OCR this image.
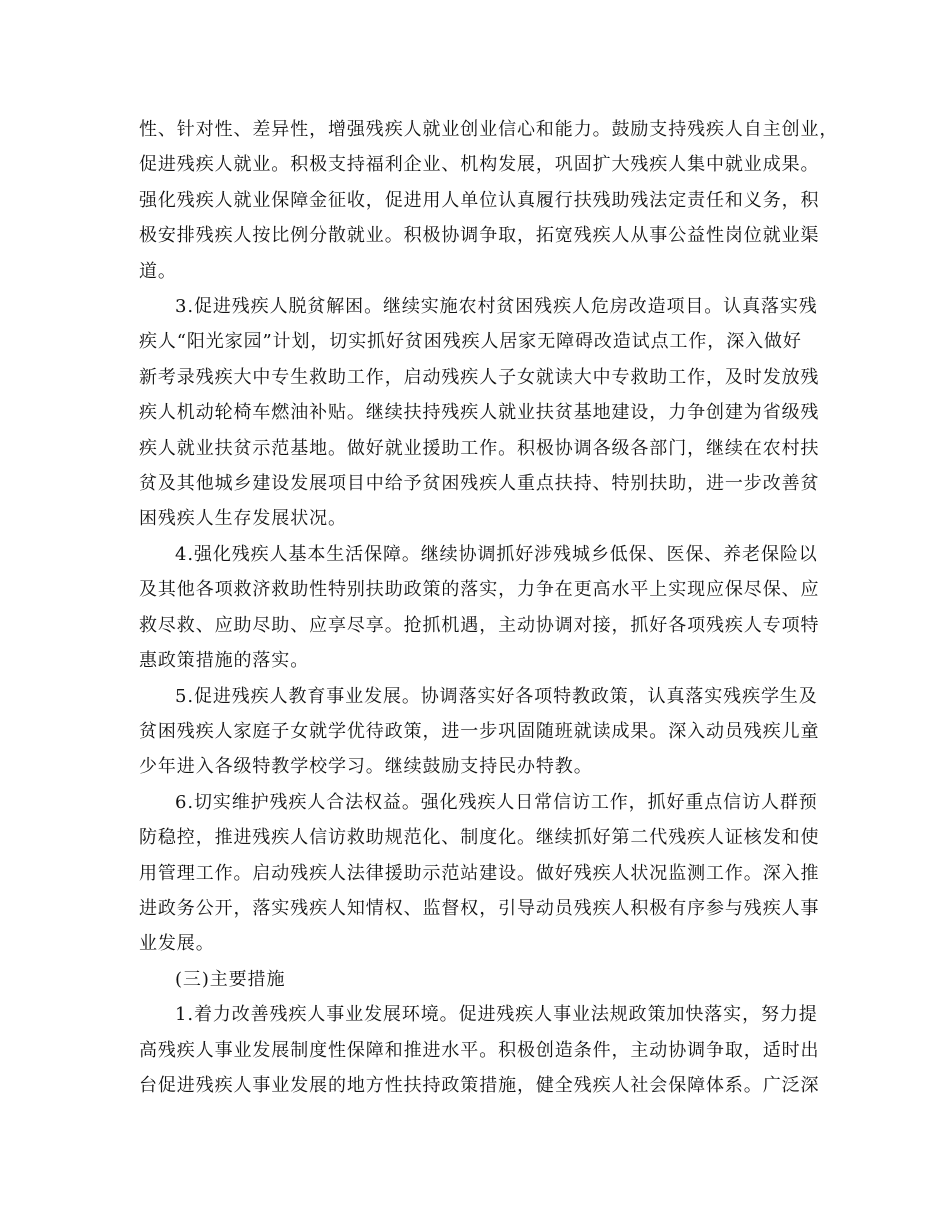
性、针对性、差异性，增强残疾人就业创业信心和能力。鼓励支持残疾人自主创业，
促进残疾人就业。积极支持福利企业、机构发展，巩固扩大残疾人集中就业成果。
强化残疾人就业保障金征收，促进用人单位认真履行扶残助残法定责任和义务，积
极安排残疾人按比例分散就业。积极协调争取，拓宽残疾人从事公益性岗位就业渠
道。

3.促进残疾人脱贫解困。继续实施农村贫困残疾人危房改造项目。认真落实残
疾人“阳光家园”计划，切实抓好贫困残疾人居家无障碍改造试点工作，深入做好
新考录残疾大中专生救助工作，启动残疾人子女就读大中专救助工作，及时发放残
疾人机动轮椅车燃油补贴。继续扶持残疾人就业扶贫基地建设，力争创建为省级残
疾人就业扶贫示范基地。做好就业援助工作。积极协调各级各部门，继续在农村扶
贫及其他城乡建设发展项目中给予贫困残疾人重点扶持、特别扶助，进一步改善贫
困残疾人生存发展状况。

4.强化残疾人基本生活保障。继续协调抓好涉残城乡低保、医保、养老保险以
及其他各项救济救助性特别扶助政策的落实，力争在更高水平上实现应保尽保、应
救尽救、应助尽助、应享尽享。抢抓机遇，主动协调对接，抓好各项残疾人专项特
惠政策措施的落实。

5.促进残疾人教育事业发展。协调落实好各项特教政策，认真落实残疾学生及
贫困残疾人家庭子女就学优待政策，进一步巩固随班就读成果。深入动员残疾儿童
少年进入各级特教学校学习。继续鼓励支持民办特教。

6.切实维护残疾人合法权益。强化残疾人日常信访工作，抓好重点信访人群预
防稳控，推进残疾人信访救助规范化、制度化。继续抓好第二代残疾人证核发和使
用管理工作。启动残疾人法律援助示范站建设。做好残疾人状况监测工作。深入推
进政务公开，落实残疾人知情权、监督权，引导动员残疾人积极有序参与残疾人事
业发展。

(三)主要措施

1.着力改善残疾人事业发展环境。促进残疾人事业法规政策加快落实，努力提
高残疾人事业发展制度性保障和推进水平。积极创造条件，主动协调争取，适时出
台促进残疾人事业发展的地方性扶持政策措施，健全残疾人社会保障体系。广泛深
